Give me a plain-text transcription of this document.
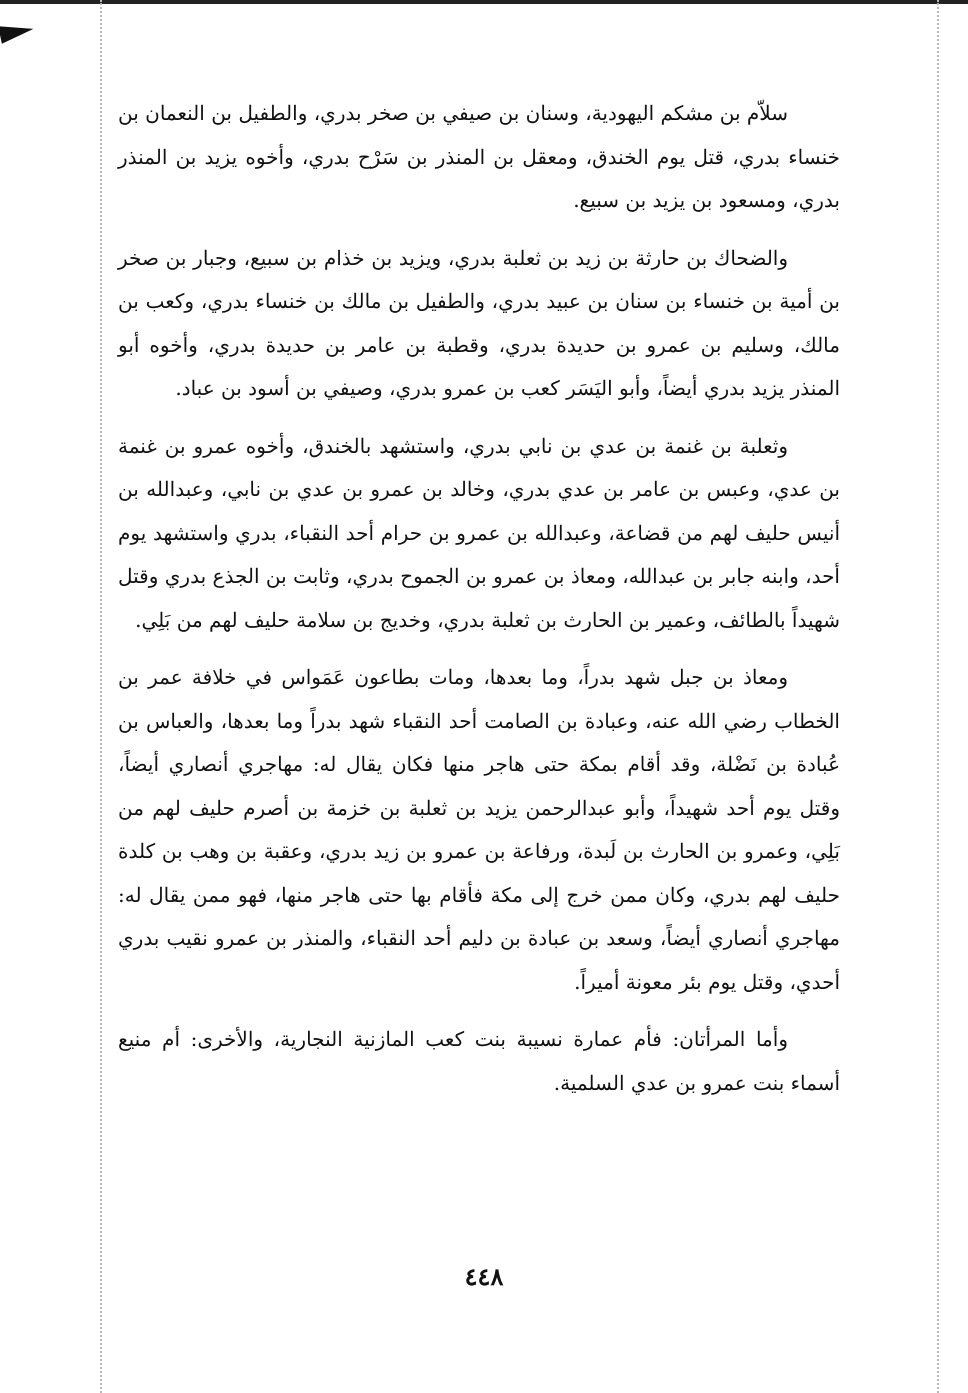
سلاّم بن مشكم اليهودية، وسنان بن صيفي بن صخر بدري، والطفيل بن النعمان بن خنساء بدري، قتل يوم الخندق، ومعقل بن المنذر بن سَرْح بدري، وأخوه يزيد بن المنذر بدري، ومسعود بن يزيد بن سبيع.

والضحاك بن حارثة بن زيد بن ثعلبة بدري، ويزيد بن خذام بن سبيع، وجبار بن صخر بن أمية بن خنساء بن سنان بن عبيد بدري، والطفيل بن مالك بن خنساء بدري، وكعب بن مالك، وسليم بن عمرو بن حديدة بدري، وقطبة بن عامر بن حديدة بدري، وأخوه أبو المنذر يزيد بدري أيضاً، وأبو اليَسَر كعب بن عمرو بدري، وصيفي بن أسود بن عباد.

وثعلبة بن غنمة بن عدي بن نابي بدري، واستشهد بالخندق، وأخوه عمرو بن غنمة بن عدي، وعبس بن عامر بن عدي بدري، وخالد بن عمرو بن عدي بن نابي، وعبدالله بن أنيس حليف لهم من قضاعة، وعبدالله بن عمرو بن حرام أحد النقباء، بدري واستشهد يوم أحد، وابنه جابر بن عبدالله، ومعاذ بن عمرو بن الجموح بدري، وثابت بن الجذع بدري وقتل شهيداً بالطائف، وعمير بن الحارث بن ثعلبة بدري، وخديج بن سلامة حليف لهم من بَلِي.

ومعاذ بن جبل شهد بدراً، وما بعدها، ومات بطاعون عَمَواس في خلافة عمر بن الخطاب رضي الله عنه، وعبادة بن الصامت أحد النقباء شهد بدراً وما بعدها، والعباس بن عُبادة بن نَضْلة، وقد أقام بمكة حتى هاجر منها فكان يقال له: مهاجري أنصاري أيضاً، وقتل يوم أحد شهيداً، وأبو عبدالرحمن يزيد بن ثعلبة بن خزمة بن أصرم حليف لهم من بَلِي، وعمرو بن الحارث بن لَبدة، ورفاعة بن عمرو بن زيد بدري، وعقبة بن وهب بن كلدة حليف لهم بدري، وكان ممن خرج إلى مكة فأقام بها حتى هاجر منها، فهو ممن يقال له: مهاجري أنصاري أيضاً، وسعد بن عبادة بن دليم أحد النقباء، والمنذر بن عمرو نقيب بدري أحدي، وقتل يوم بئر معونة أميراً.

وأما المرأتان: فأم عمارة نسيبة بنت كعب المازنية النجارية، والأخرى: أم منيع أسماء بنت عمرو بن عدي السلمية.

٤٤٨
